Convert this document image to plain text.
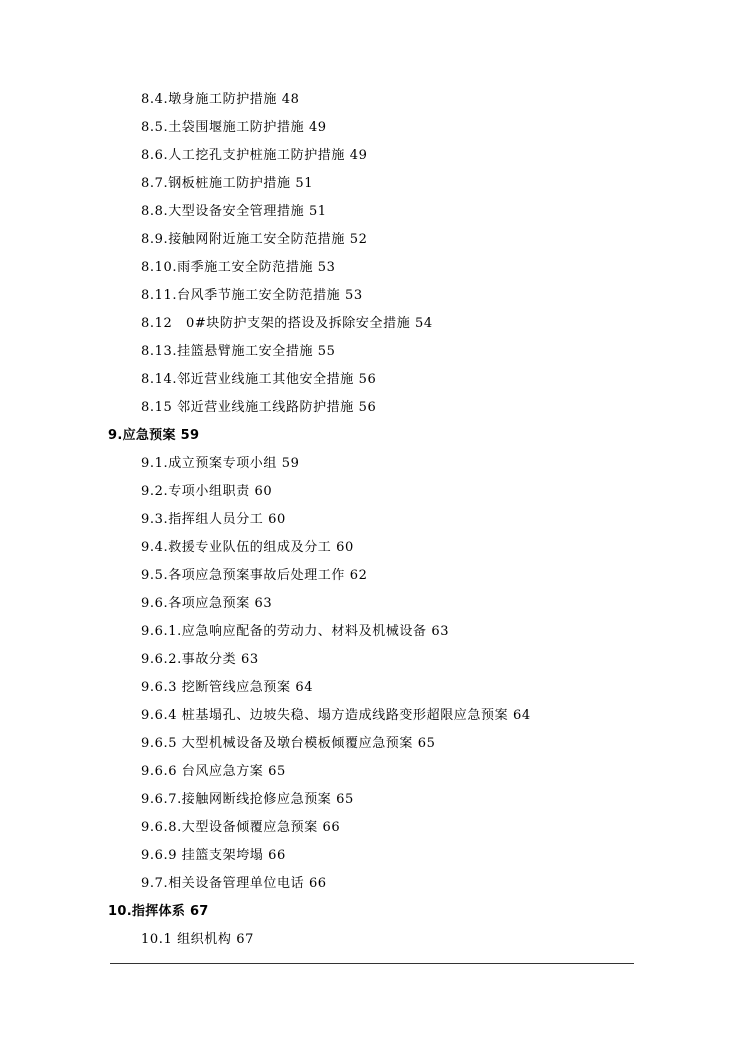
8.4.墩身施工防护措施 48
8.5.土袋围堰施工防护措施 49
8.6.人工挖孔支护桩施工防护措施 49
8.7.钢板桩施工防护措施 51
8.8.大型设备安全管理措施 51
8.9.接触网附近施工安全防范措施 52
8.10.雨季施工安全防范措施 53
8.11.台风季节施工安全防范措施 53
8.12　0#块防护支架的搭设及拆除安全措施 54
8.13.挂篮悬臂施工安全措施 55
8.14.邻近营业线施工其他安全措施 56
8.15 邻近营业线施工线路防护措施 56
9.应急预案 59
9.1.成立预案专项小组 59
9.2.专项小组职责 60
9.3.指挥组人员分工 60
9.4.救援专业队伍的组成及分工 60
9.5.各项应急预案事故后处理工作 62
9.6.各项应急预案 63
9.6.1.应急响应配备的劳动力、材料及机械设备 63
9.6.2.事故分类 63
9.6.3 挖断管线应急预案 64
9.6.4 桩基塌孔、边坡失稳、塌方造成线路变形超限应急预案 64
9.6.5 大型机械设备及墩台模板倾覆应急预案 65
9.6.6 台风应急方案 65
9.6.7.接触网断线抢修应急预案 65
9.6.8.大型设备倾覆应急预案 66
9.6.9 挂篮支架垮塌 66
9.7.相关设备管理单位电话 66
10.指挥体系 67
10.1 组织机构 67
